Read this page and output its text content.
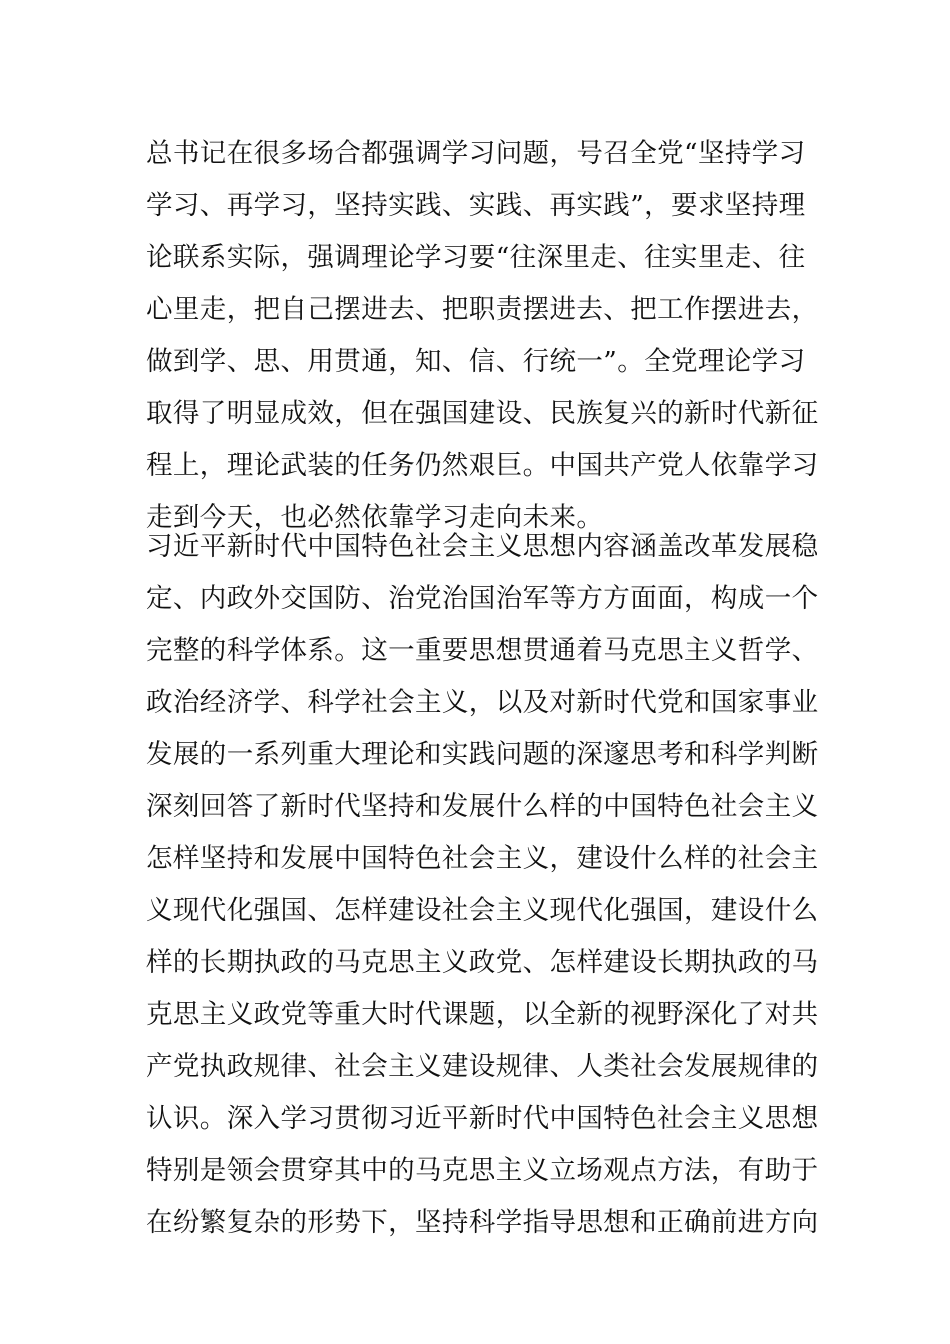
总书记在很多场合都强调学习问题，号召全党“坚持学习
学习、再学习，坚持实践、实践、再实践”，要求坚持理
论联系实际，强调理论学习要“往深里走、往实里走、往
心里走，把自己摆进去、把职责摆进去、把工作摆进去，
做到学、思、用贯通，知、信、行统一”。全党理论学习
取得了明显成效，但在强国建设、民族复兴的新时代新征
程上，理论武装的任务仍然艰巨。中国共产党人依靠学习
走到今天，也必然依靠学习走向未来。
习近平新时代中国特色社会主义思想内容涵盖改革发展稳
定、内政外交国防、治党治国治军等方方面面，构成一个
完整的科学体系。这一重要思想贯通着马克思主义哲学、
政治经济学、科学社会主义，以及对新时代党和国家事业
发展的一系列重大理论和实践问题的深邃思考和科学判断
深刻回答了新时代坚持和发展什么样的中国特色社会主义
怎样坚持和发展中国特色社会主义，建设什么样的社会主
义现代化强国、怎样建设社会主义现代化强国，建设什么
样的长期执政的马克思主义政党、怎样建设长期执政的马
克思主义政党等重大时代课题，以全新的视野深化了对共
产党执政规律、社会主义建设规律、人类社会发展规律的
认识。深入学习贯彻习近平新时代中国特色社会主义思想
特别是领会贯穿其中的马克思主义立场观点方法，有助于
在纷繁复杂的形势下，坚持科学指导思想和正确前进方向
